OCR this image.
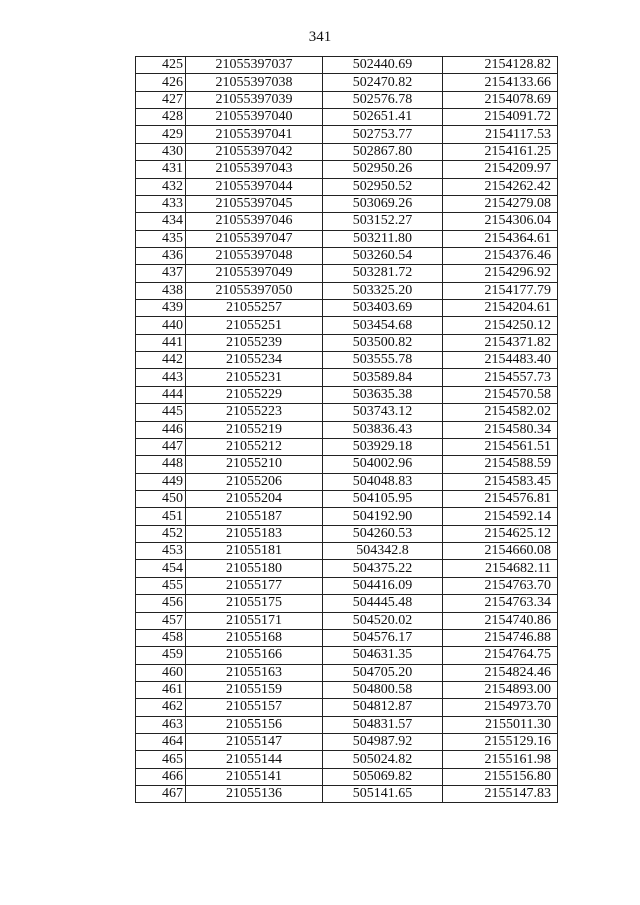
341
425	21055397037	502440.69	2154128.82
426	21055397038	502470.82	2154133.66
427	21055397039	502576.78	2154078.69
428	21055397040	502651.41	2154091.72
429	21055397041	502753.77	2154117.53
430	21055397042	502867.80	2154161.25
431	21055397043	502950.26	2154209.97
432	21055397044	502950.52	2154262.42
433	21055397045	503069.26	2154279.08
434	21055397046	503152.27	2154306.04
435	21055397047	503211.80	2154364.61
436	21055397048	503260.54	2154376.46
437	21055397049	503281.72	2154296.92
438	21055397050	503325.20	2154177.79
439	21055257	503403.69	2154204.61
440	21055251	503454.68	2154250.12
441	21055239	503500.82	2154371.82
442	21055234	503555.78	2154483.40
443	21055231	503589.84	2154557.73
444	21055229	503635.38	2154570.58
445	21055223	503743.12	2154582.02
446	21055219	503836.43	2154580.34
447	21055212	503929.18	2154561.51
448	21055210	504002.96	2154588.59
449	21055206	504048.83	2154583.45
450	21055204	504105.95	2154576.81
451	21055187	504192.90	2154592.14
452	21055183	504260.53	2154625.12
453	21055181	504342.8	2154660.08
454	21055180	504375.22	2154682.11
455	21055177	504416.09	2154763.70
456	21055175	504445.48	2154763.34
457	21055171	504520.02	2154740.86
458	21055168	504576.17	2154746.88
459	21055166	504631.35	2154764.75
460	21055163	504705.20	2154824.46
461	21055159	504800.58	2154893.00
462	21055157	504812.87	2154973.70
463	21055156	504831.57	2155011.30
464	21055147	504987.92	2155129.16
465	21055144	505024.82	2155161.98
466	21055141	505069.82	2155156.80
467	21055136	505141.65	2155147.83
